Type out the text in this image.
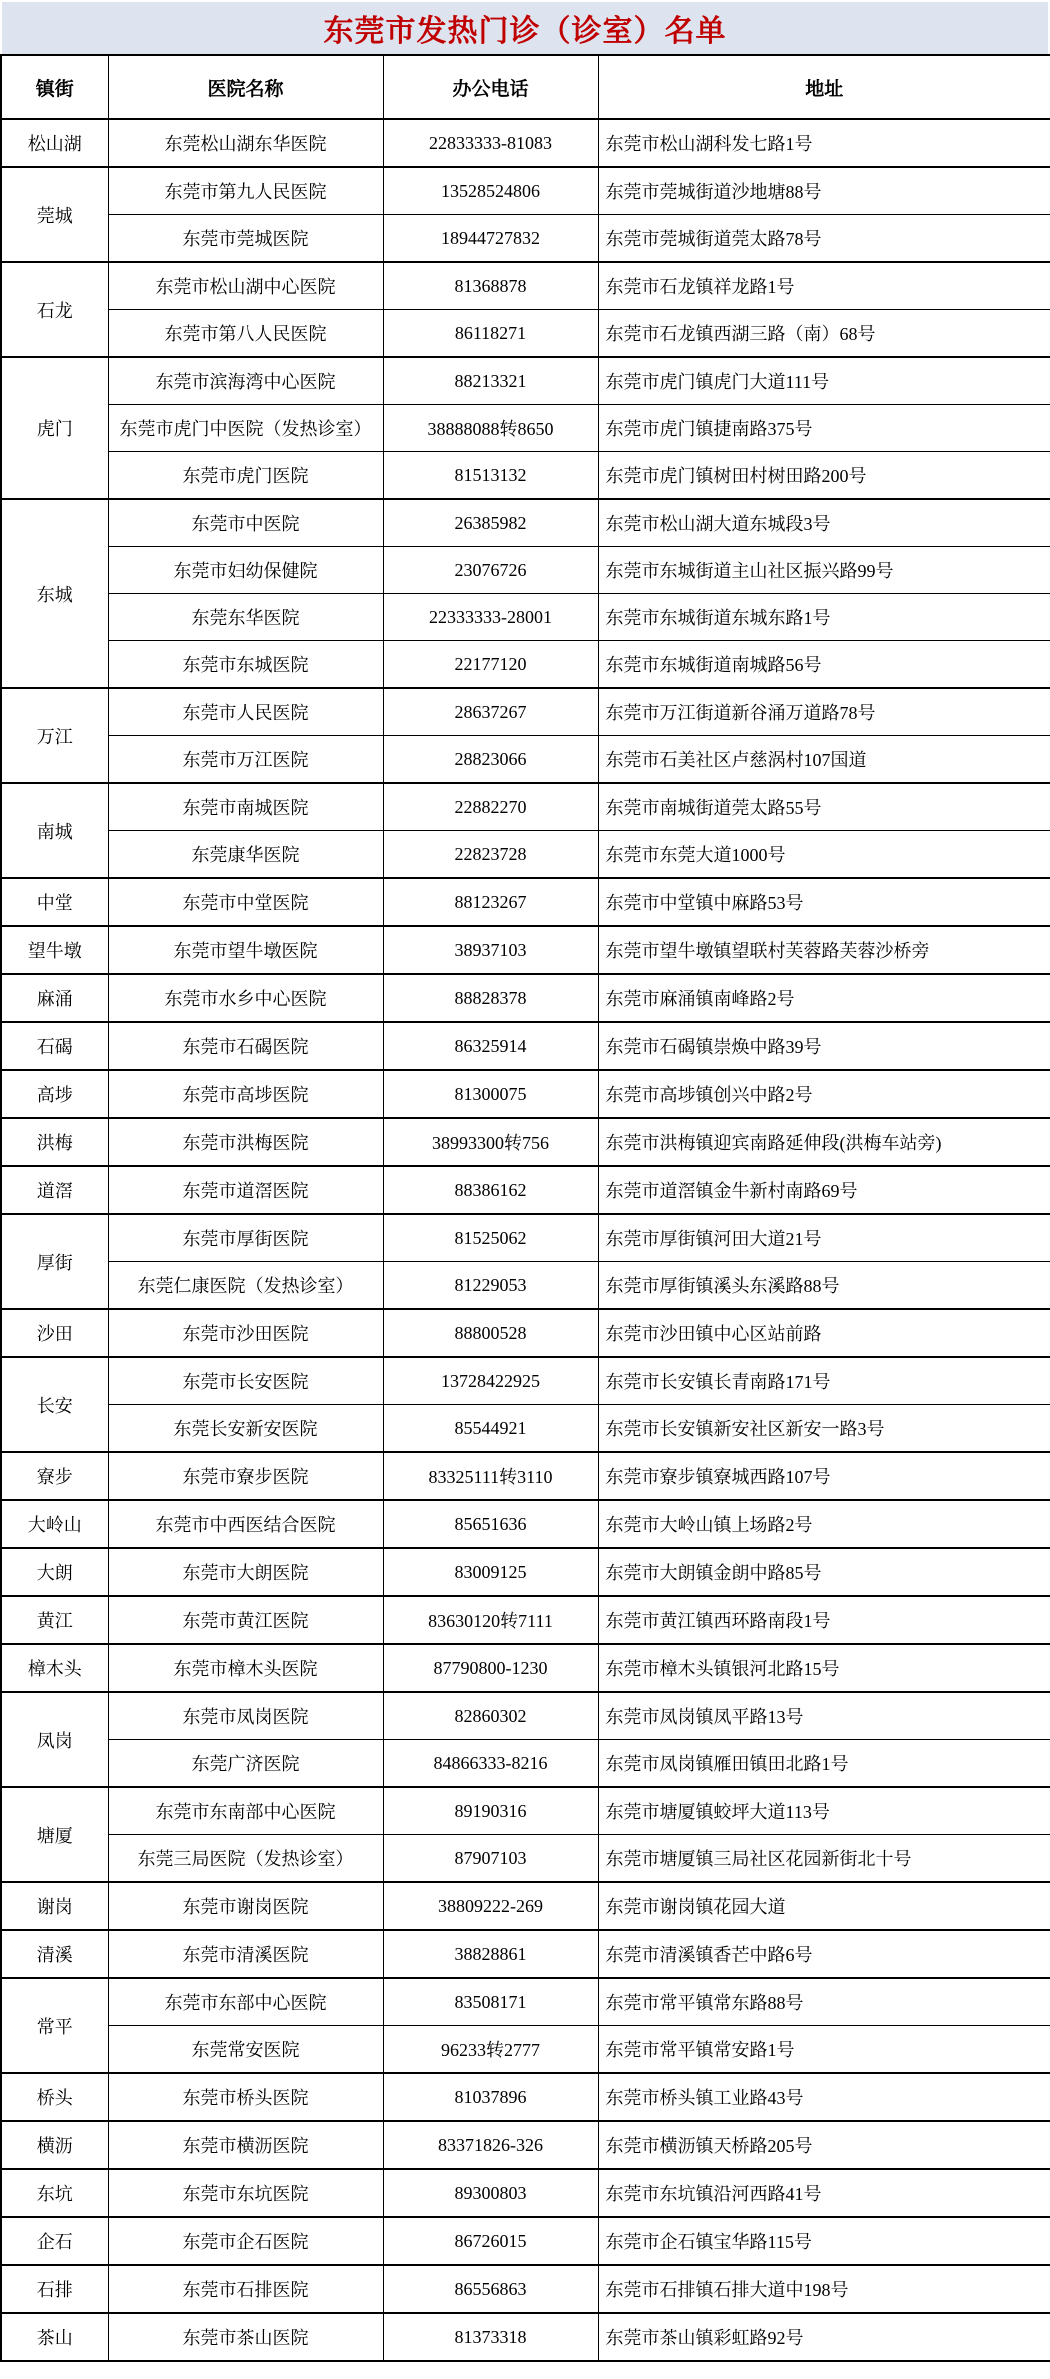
东莞市发热门诊（诊室）名单
镇街	医院名称	办公电话	地址
松山湖	东莞松山湖东华医院	22833333-81083	东莞市松山湖科发七路1号
莞城	东莞市第九人民医院	13528524806	东莞市莞城街道沙地塘88号
	东莞市莞城医院	18944727832	东莞市莞城街道莞太路78号
石龙	东莞市松山湖中心医院	81368878	东莞市石龙镇祥龙路1号
	东莞市第八人民医院	86118271	东莞市石龙镇西湖三路（南）68号
虎门	东莞市滨海湾中心医院	88213321	东莞市虎门镇虎门大道111号
	东莞市虎门中医院（发热诊室）	38888088转8650	东莞市虎门镇捷南路375号
	东莞市虎门医院	81513132	东莞市虎门镇树田村树田路200号
东城	东莞市中医院	26385982	东莞市松山湖大道东城段3号
	东莞市妇幼保健院	23076726	东莞市东城街道主山社区振兴路99号
	东莞东华医院	22333333-28001	东莞市东城街道东城东路1号
	东莞市东城医院	22177120	东莞市东城街道南城路56号
万江	东莞市人民医院	28637267	东莞市万江街道新谷涌万道路78号
	东莞市万江医院	28823066	东莞市石美社区卢慈涡村107国道
南城	东莞市南城医院	22882270	东莞市南城街道莞太路55号
	东莞康华医院	22823728	东莞市东莞大道1000号
中堂	东莞市中堂医院	88123267	东莞市中堂镇中麻路53号
望牛墩	东莞市望牛墩医院	38937103	东莞市望牛墩镇望联村芙蓉路芙蓉沙桥旁
麻涌	东莞市水乡中心医院	88828378	东莞市麻涌镇南峰路2号
石碣	东莞市石碣医院	86325914	东莞市石碣镇崇焕中路39号
高埗	东莞市高埗医院	81300075	东莞市高埗镇创兴中路2号
洪梅	东莞市洪梅医院	38993300转756	东莞市洪梅镇迎宾南路延伸段(洪梅车站旁)
道滘	东莞市道滘医院	88386162	东莞市道滘镇金牛新村南路69号
厚街	东莞市厚街医院	81525062	东莞市厚街镇河田大道21号
	东莞仁康医院（发热诊室）	81229053	东莞市厚街镇溪头东溪路88号
沙田	东莞市沙田医院	88800528	东莞市沙田镇中心区站前路
长安	东莞市长安医院	13728422925	东莞市长安镇长青南路171号
	东莞长安新安医院	85544921	东莞市长安镇新安社区新安一路3号
寮步	东莞市寮步医院	83325111转3110	东莞市寮步镇寮城西路107号
大岭山	东莞市中西医结合医院	85651636	东莞市大岭山镇上场路2号
大朗	东莞市大朗医院	83009125	东莞市大朗镇金朗中路85号
黄江	东莞市黄江医院	83630120转7111	东莞市黄江镇西环路南段1号
樟木头	东莞市樟木头医院	87790800-1230	东莞市樟木头镇银河北路15号
凤岗	东莞市凤岗医院	82860302	东莞市凤岗镇凤平路13号
	东莞广济医院	84866333-8216	东莞市凤岗镇雁田镇田北路1号
塘厦	东莞市东南部中心医院	89190316	东莞市塘厦镇蛟坪大道113号
	东莞三局医院（发热诊室）	87907103	东莞市塘厦镇三局社区花园新街北十号
谢岗	东莞市谢岗医院	38809222-269	东莞市谢岗镇花园大道
清溪	东莞市清溪医院	38828861	东莞市清溪镇香芒中路6号
常平	东莞市东部中心医院	83508171	东莞市常平镇常东路88号
	东莞常安医院	96233转2777	东莞市常平镇常安路1号
桥头	东莞市桥头医院	81037896	东莞市桥头镇工业路43号
横沥	东莞市横沥医院	83371826-326	东莞市横沥镇天桥路205号
东坑	东莞市东坑医院	89300803	东莞市东坑镇沿河西路41号
企石	东莞市企石医院	86726015	东莞市企石镇宝华路115号
石排	东莞市石排医院	86556863	东莞市石排镇石排大道中198号
茶山	东莞市茶山医院	81373318	东莞市茶山镇彩虹路92号
